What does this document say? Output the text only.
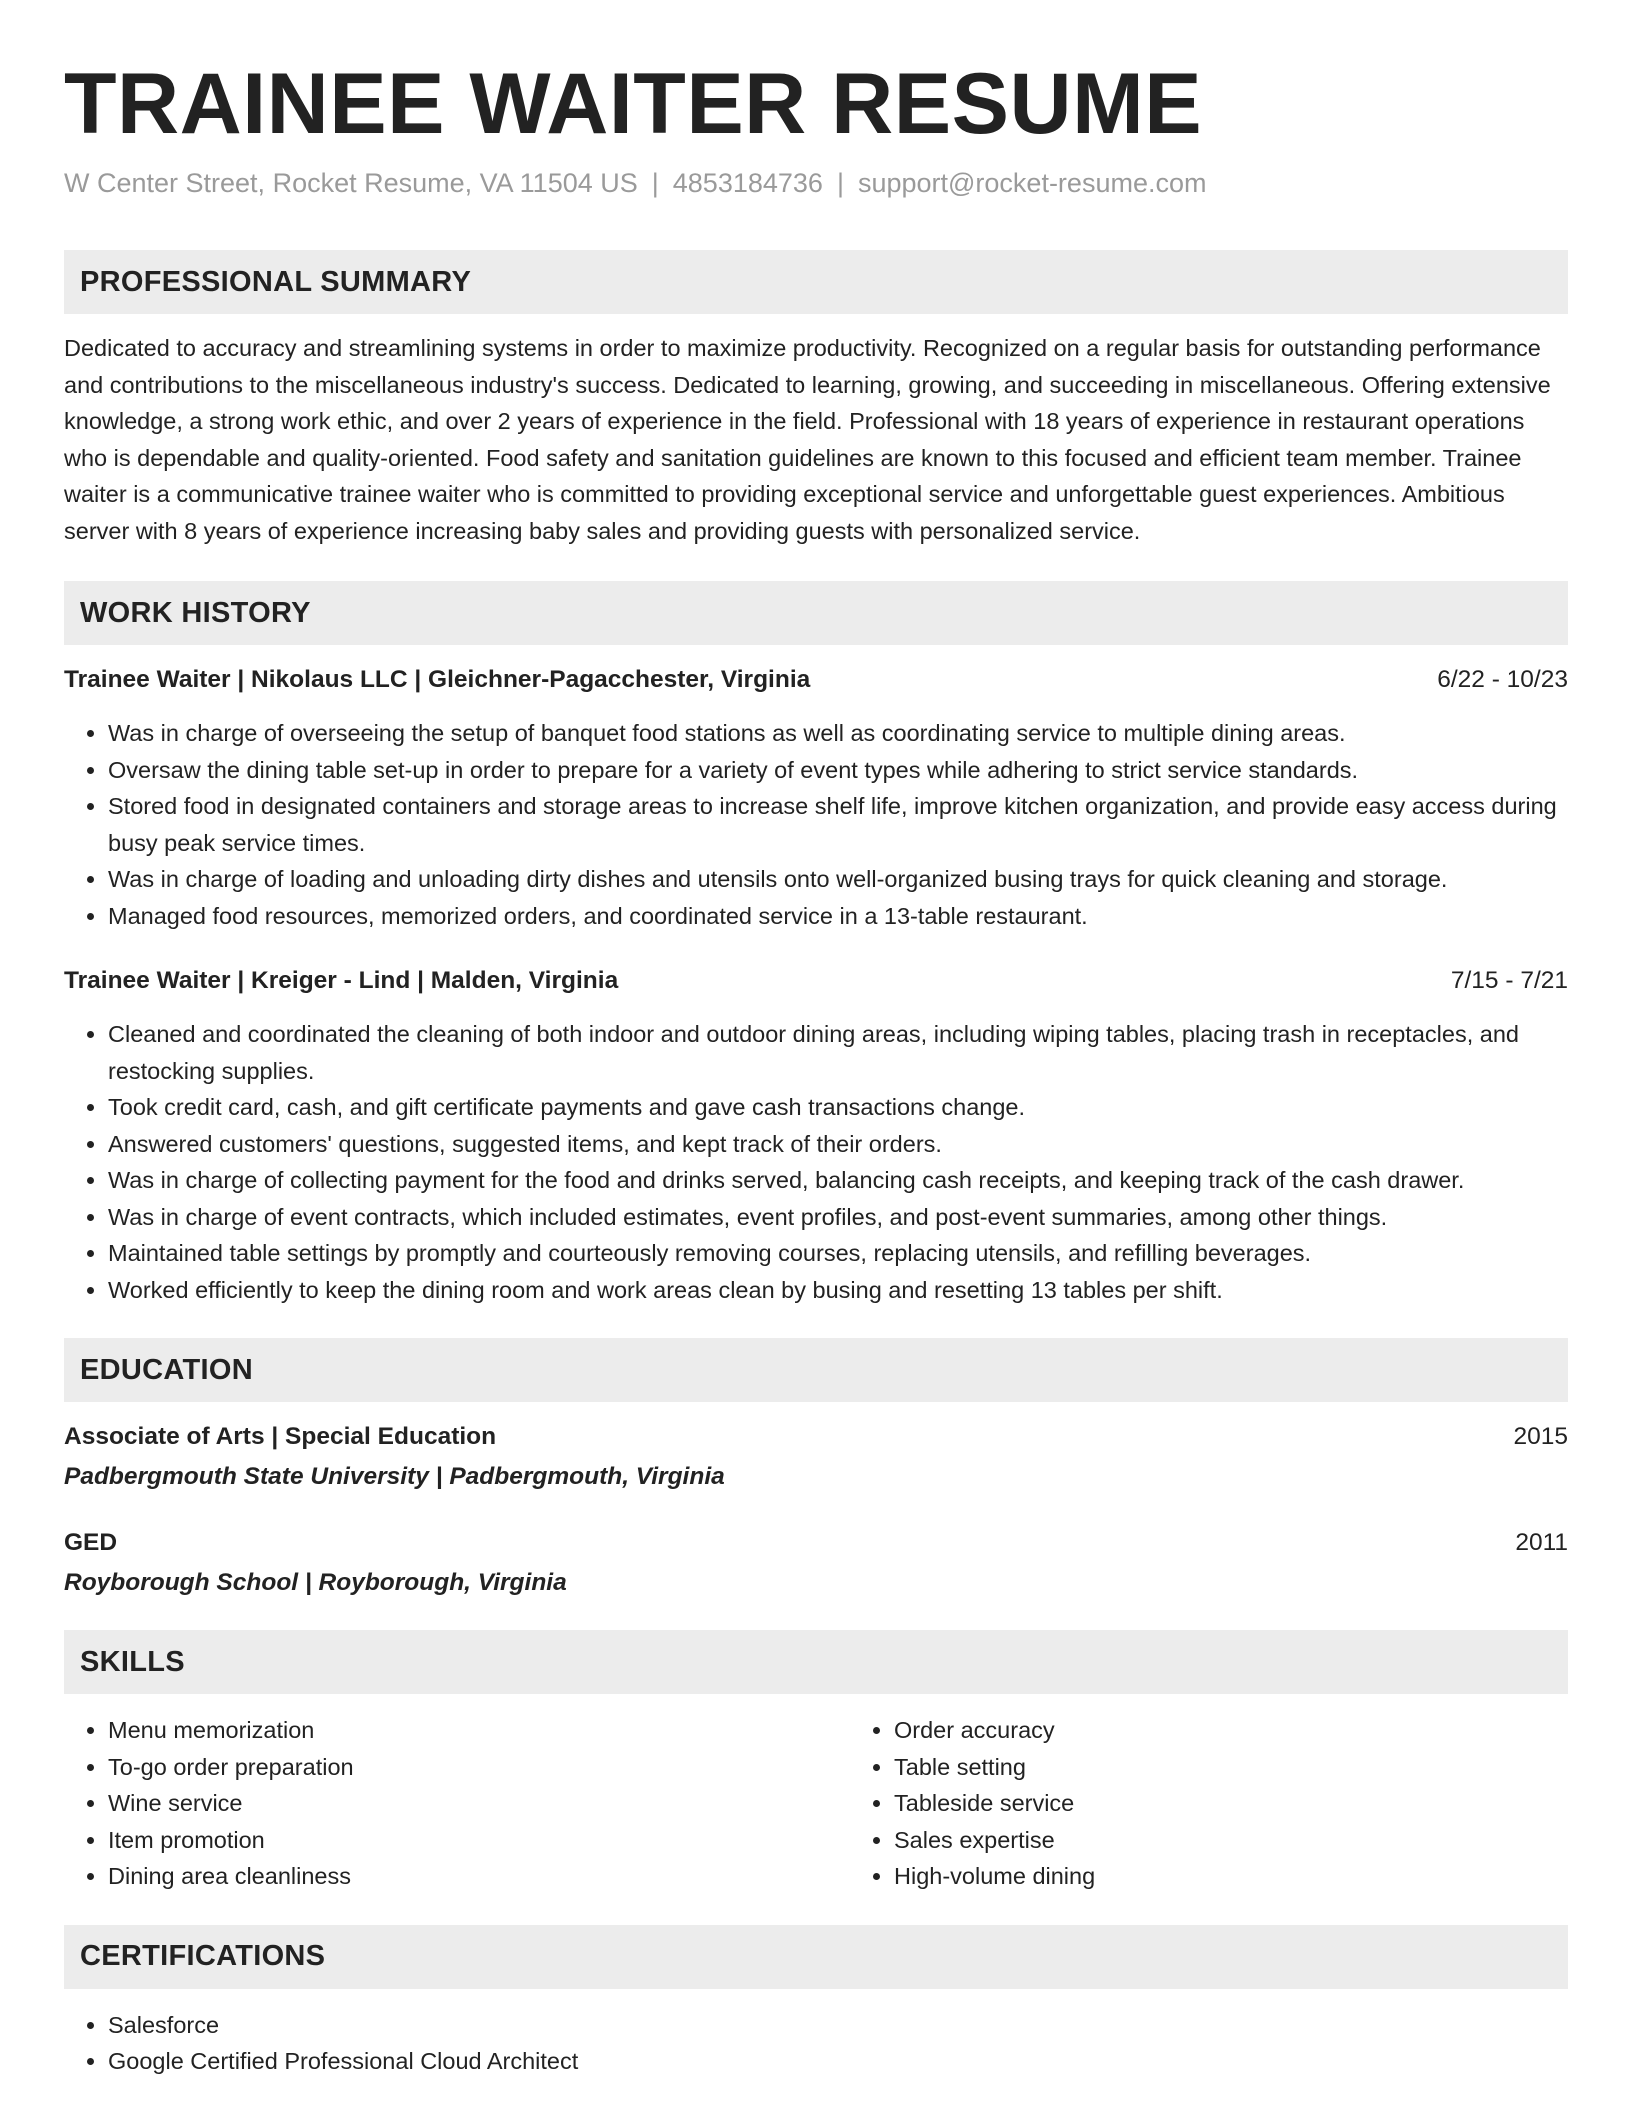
TRAINEE WAITER RESUME
W Center Street, Rocket Resume, VA 11504 US | 4853184736 | support@rocket-resume.com
PROFESSIONAL SUMMARY
Dedicated to accuracy and streamlining systems in order to maximize productivity. Recognized on a regular basis for outstanding performance and contributions to the miscellaneous industry's success. Dedicated to learning, growing, and succeeding in miscellaneous. Offering extensive knowledge, a strong work ethic, and over 2 years of experience in the field. Professional with 18 years of experience in restaurant operations who is dependable and quality-oriented. Food safety and sanitation guidelines are known to this focused and efficient team member. Trainee waiter is a communicative trainee waiter who is committed to providing exceptional service and unforgettable guest experiences. Ambitious server with 8 years of experience increasing baby sales and providing guests with personalized service.
WORK HISTORY
Trainee Waiter | Nikolaus LLC | Gleichner-Pagacchester, Virginia	6/22 - 10/23
• Was in charge of overseeing the setup of banquet food stations as well as coordinating service to multiple dining areas.
• Oversaw the dining table set-up in order to prepare for a variety of event types while adhering to strict service standards.
• Stored food in designated containers and storage areas to increase shelf life, improve kitchen organization, and provide easy access during busy peak service times.
• Was in charge of loading and unloading dirty dishes and utensils onto well-organized busing trays for quick cleaning and storage.
• Managed food resources, memorized orders, and coordinated service in a 13-table restaurant.
Trainee Waiter | Kreiger - Lind | Malden, Virginia	7/15 - 7/21
• Cleaned and coordinated the cleaning of both indoor and outdoor dining areas, including wiping tables, placing trash in receptacles, and restocking supplies.
• Took credit card, cash, and gift certificate payments and gave cash transactions change.
• Answered customers' questions, suggested items, and kept track of their orders.
• Was in charge of collecting payment for the food and drinks served, balancing cash receipts, and keeping track of the cash drawer.
• Was in charge of event contracts, which included estimates, event profiles, and post-event summaries, among other things.
• Maintained table settings by promptly and courteously removing courses, replacing utensils, and refilling beverages.
• Worked efficiently to keep the dining room and work areas clean by busing and resetting 13 tables per shift.
EDUCATION
Associate of Arts | Special Education	2015
Padbergmouth State University | Padbergmouth, Virginia
GED	2011
Royborough School | Royborough, Virginia
SKILLS
• Menu memorization
• To-go order preparation
• Wine service
• Item promotion
• Dining area cleanliness
• Order accuracy
• Table setting
• Tableside service
• Sales expertise
• High-volume dining
CERTIFICATIONS
• Salesforce
• Google Certified Professional Cloud Architect
